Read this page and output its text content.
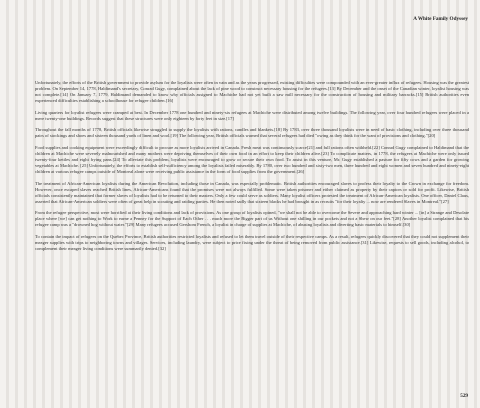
A White Family Odyssey

Unfortunately, the efforts of the British government to provide asylum for the loyalists were often in vain and as the years progressed, existing difficulties were compounded with an ever-greater influx of refugees. Housing was the greatest problem. On September 14, 1778, Haldimand's secretary, Conrad Gugy, complained about the lack of pine wood to construct necessary housing for the refugees.[13] By December and the onset of the Canadian winter, loyalist housing was not complete.[14] On January 7, 1779, Haldimand demanded to know why officials assigned to Machiche had not yet built a saw mill necessary for the construction of housing and military barracks.[15] British authorities even experienced difficulties establishing a schoolhouse for refugee children.[16]

Living quarters for loyalist refugees were cramped at best. In December 1778 one hundred and ninety-six refugees at Machiche were distributed among twelve buildings. The following year, over four hundred refugees were placed in a mere twenty-one buildings. Records suggest that these structures were only eighteen by forty feet in size.[17]

Throughout the fall months of 1778, British officials likewise struggled to supply the loyalists with rations, candles and blankets.[18] By 1783, over three thousand loyalists were in need of basic clothing, including over three thousand pairs of stockings and shoes and sixteen thousand yards of linen and wool.[19] The following year, British officials warned that several refugees had died "owing as they think for the want of provisions and clothing."[20]

Food supplies and cooking equipment were exceedingly difficult to procure as more loyalists arrived in Canada. Fresh meat was continuously scarce[21] and full rations often withheld.[22] Conrad Gugy complained to Haldimand that the children at Machiche were severely malnourished and many mothers were depriving themselves of their own food in an effort to keep their children alive.[23] To complicate matters, in 1778, the refugees at Machiche were only issued twenty-four kettles and eight frying pans.[24] To alleviate this problem, loyalists were encouraged to grow or secure their own food. To assist in this venture, Mr. Gugy established a pasture for fifty cows and a garden for growing vegetables at Machiche. [25] Unfortunately, the efforts to establish self-sufficiency among the loyalists failed miserably. By 1780, over two hundred and sixty-two men, three hundred and eight women and seven hundred and ninety-eight children at various refugee camps outside of Montreal alone were receiving public assistance in the form of food supplies from the government.[26]

The treatment of African-American loyalists during the American Revolution, including those in Canada, was especially problematic. British authorities encouraged slaves to profess their loyalty to the Crown in exchange for freedom. However, once escaped slaves reached British lines, African-Americans found that the promises were not always fulfilled. Some were taken prisoner and either claimed as property by their captors or sold for profit. Likewise, British officials consistently maintained that former slaves of loyalists had to be returned to their masters. Only a few could serve as soldiers. Many loyalist officers protested the treatment of African-American loyalists. One officer, Daniel Claus, asserted that African-American soldiers were often of great help in scouting and raiding parties. He then noted sadly that sixteen blacks he had brought in as recruits "for their loyalty ... now are rendered Slaves in Montreal."[27]

From the refugee perspective, most were horrified at their living conditions and lack of provisions. As one group of loyalists opined, "we shall not be able to overcome the Severe and approaching hard winter ... [in] a Strange and Desolate place where [we] can get nothing to Work to earne a Penney for the Support of Each Other . . . much more the Bigger part of us Without one shilling in our pockets and not a Shew on our feet."[28] Another loyalist complained that his refugee camp was a "drowned hog without water."[29] Many refugees accused Gershom French, a loyalist in charge of supplies at Machiche, of abusing loyalists and diverting basic materials to himself.[30]

To contain the impact of refugees on the Quebec Province, British authorities restricted loyalists and refused to let them travel outside of their respective camps. As a result, refugees quickly discovered that they could not supplement their meager supplies with trips to neighboring towns and villages. Services, including laundry, were subject to price fixing under the threat of being removed from public assistance.[31] Likewise, requests to sell goods, including alcohol, to complement their meager living conditions were summarily denied.[32]

529
